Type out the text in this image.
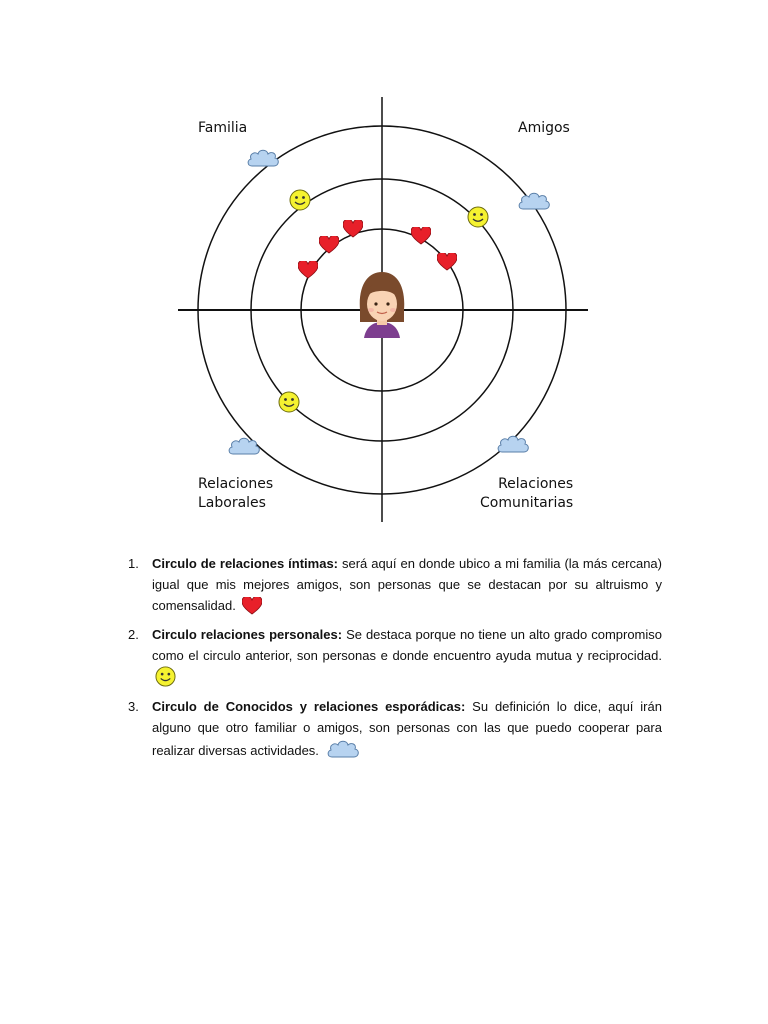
Familia	Amigos
Relaciones
Laborales
Relaciones
Comunitarias
1. Circulo de relaciones íntimas: será aquí en donde ubico a mi familia (la más cercana) igual que mis mejores amigos, son personas que se destacan por su altruismo y comensalidad.
2. Circulo relaciones personales: Se destaca porque no tiene un alto grado compromiso como el circulo anterior, son personas e donde encuentro ayuda mutua y reciprocidad.
3. Circulo de Conocidos y relaciones esporádicas: Su definición lo dice, aquí irán alguno que otro familiar o amigos, son personas con las que puedo cooperar para realizar diversas actividades.
